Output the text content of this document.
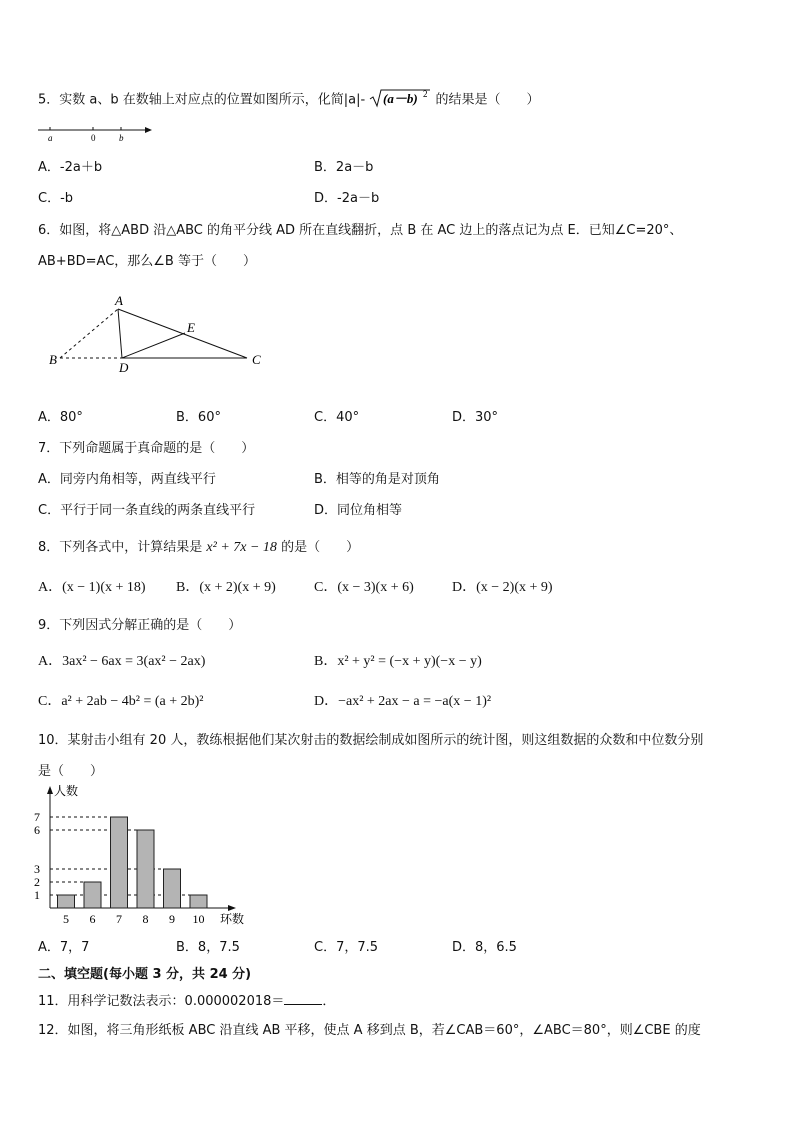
5．实数 a、b 在数轴上对应点的位置如图所示，化简|a|- (a－b) 2 的结果是（　　）
a	0	b
A．-2a＋b	B．2a－b
C．-b	D．-2a－b
6．如图，将△ABD 沿△ABC 的角平分线 AD 所在直线翻折，点 B 在 AC 边上的落点记为点 E．已知∠C=20°、
AB+BD=AC，那么∠B 等于（　　）
A
B	C
D
E
A．80°	B．60°	C．40°	D．30°
7．下列命题属于真命题的是（　　）
A．同旁内角相等，两直线平行	B．相等的角是对顶角
C．平行于同一条直线的两条直线平行	D．同位角相等
8．下列各式中，计算结果是 x² + 7x − 18 的是（　　）
A．(x − 1)(x + 18) B．(x + 2)(x + 9)	C．(x − 3)(x + 6)	D．(x − 2)(x + 9)
9．下列因式分解正确的是（　　）
A．3ax² − 6ax = 3(ax² − 2ax)	B．x² + y² = (−x + y)(−x − y)
C．a² + 2ab − 4b² = (a + 2b)²	D．−ax² + 2ax − a = −a(x − 1)²
10．某射击小组有 20 人，教练根据他们某次射击的数据绘制成如图所示的统计图，则这组数据的众数和中位数分别
是（　　）
人数
环数
1
2
3
6
7
5 6 7 8 9 10
A．7，7	B．8，7.5	C．7，7.5	D．8，6.5
二、填空题(每小题 3 分，共 24 分)
11．用科学记数法表示：0.000002018＝	．
12．如图，将三角形纸板 ABC 沿直线 AB 平移，使点 A 移到点 B，若∠CAB＝60°，∠ABC＝80°，则∠CBE 的度
